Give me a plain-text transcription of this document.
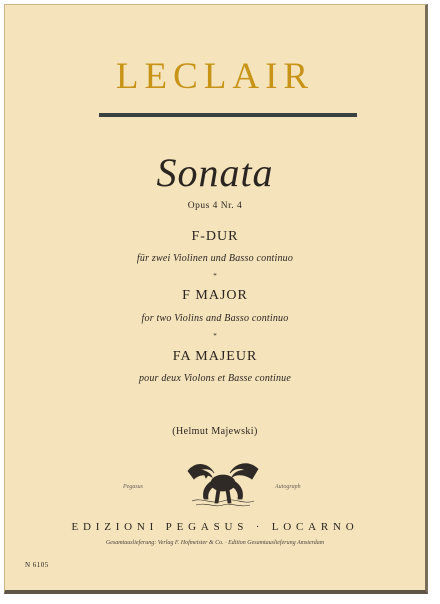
LECLAIR
Sonata
Opus 4 Nr. 4
F-DUR
für zwei Violinen und Basso continuo
*
F MAJOR
for two Violins and Basso continuo
*
FA MAJEUR
pour deux Violons et Basse continue
(Helmut Majewski)
Pegasus	Autograph
EDIZIONI PEGASUS · LOCARNO
Gesamtauslieferung: Verlag F. Hofmeister & Co. · Edition Gesamtauslieferung Amsterdam
N 6105
